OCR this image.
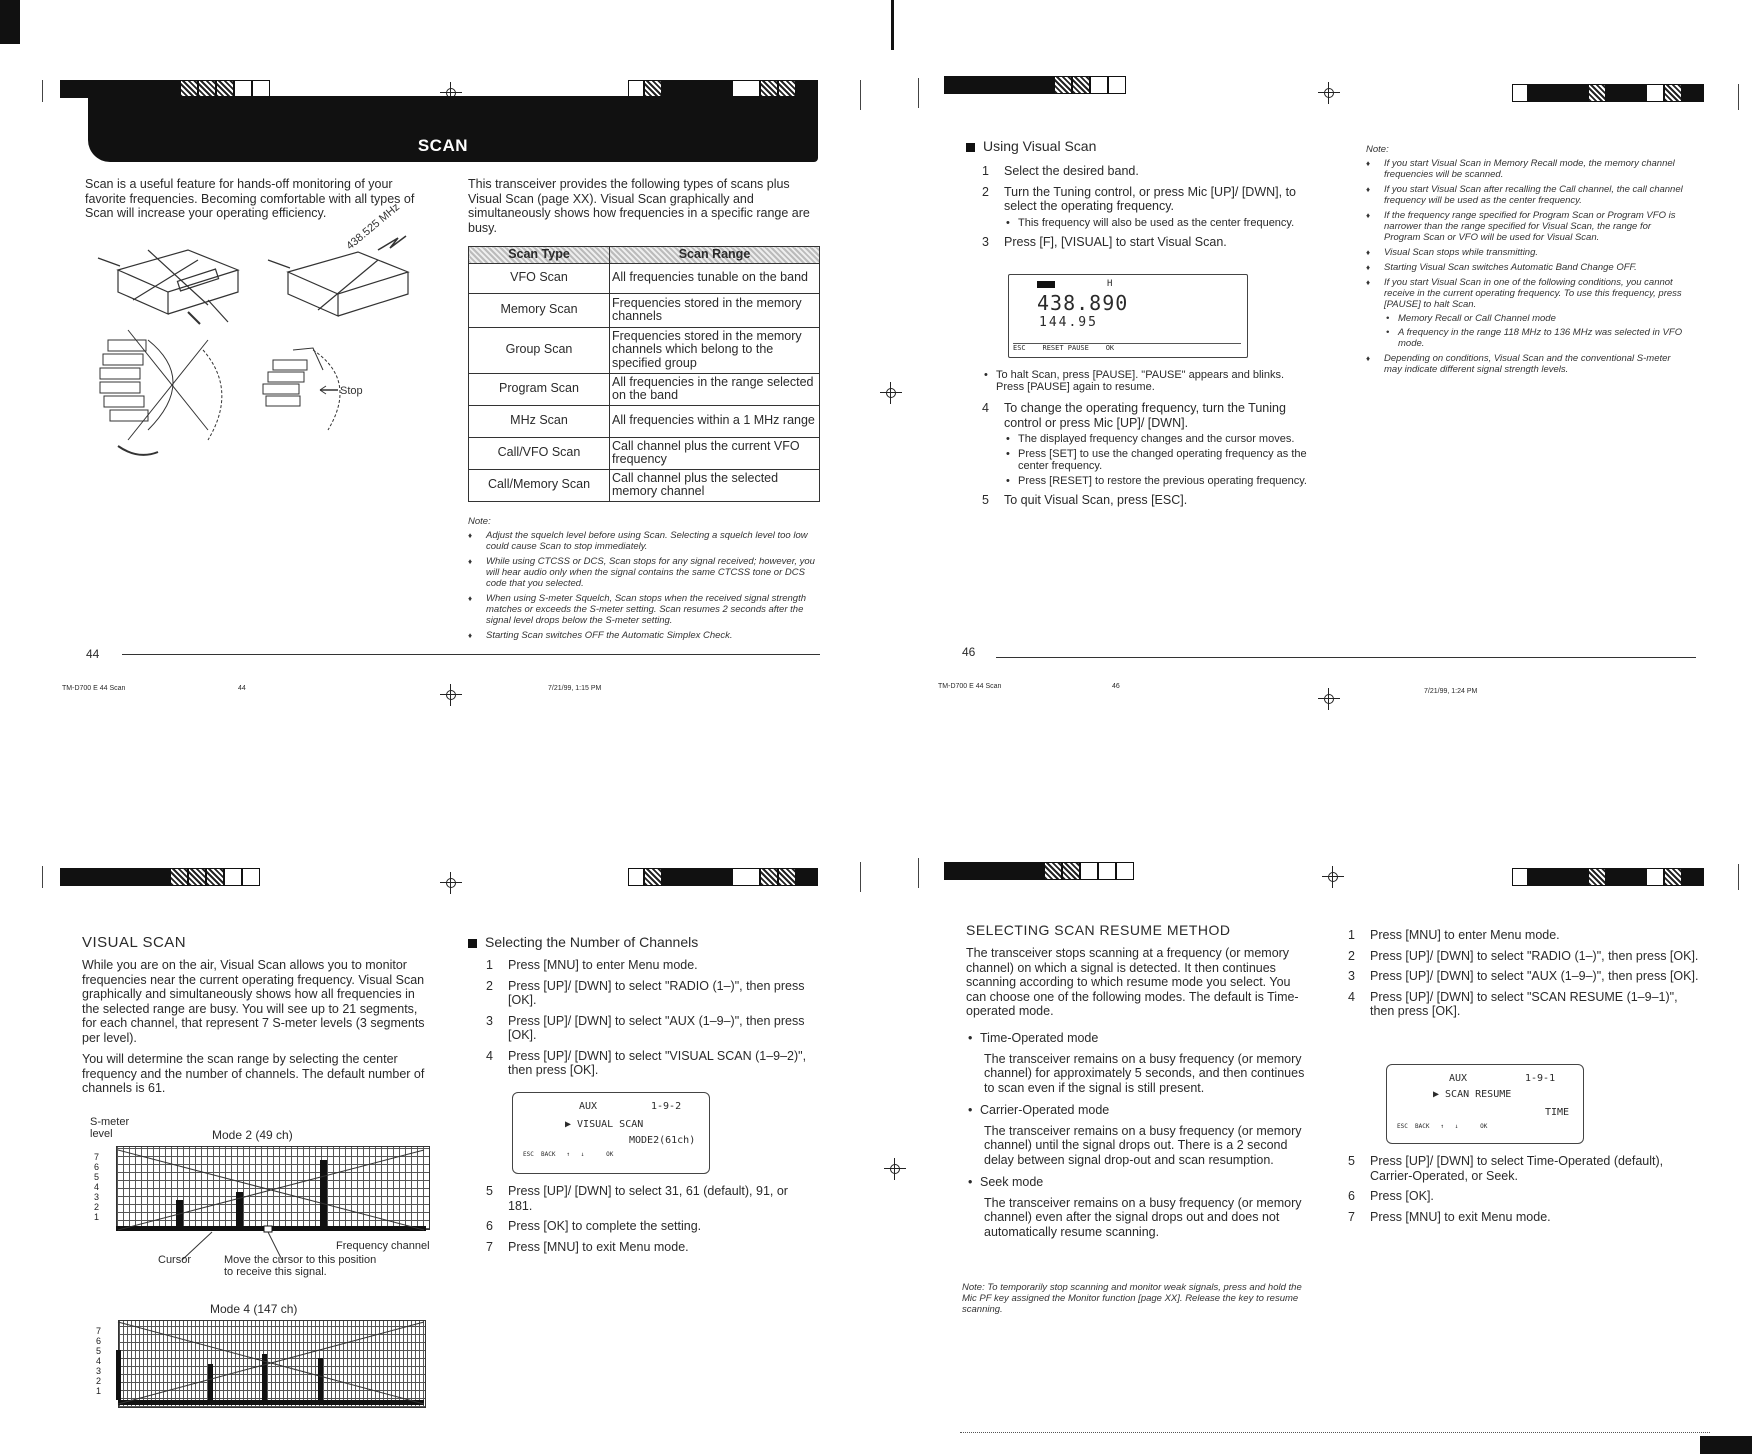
SCAN
Scan is a useful feature for hands-off monitoring of your favorite frequencies. Becoming comfortable with all types of Scan will increase your operating efficiency.
This transceiver provides the following types of scans plus Visual Scan (page XX). Visual Scan graphically and simultaneously shows how frequencies in a specific range are busy.
438.525 MHz
Stop
Scan Type	Scan Range
VFO Scan	All frequencies tunable on the band
Memory Scan	Frequencies stored in the memory channels
Group Scan	Frequencies stored in the memory channels which belong to the specified group
Program Scan	All frequencies in the range selected on the band
MHz Scan	All frequencies within a 1 MHz range
Call/VFO Scan	Call channel plus the current VFO frequency
Call/Memory Scan	Call channel plus the selected memory channel
Note:
♦ Adjust the squelch level before using Scan. Selecting a squelch level too low could cause Scan to stop immediately.
♦ While using CTCSS or DCS, Scan stops for any signal received; however, you will hear audio only when the signal contains the same CTCSS tone or DCS code that you selected.
♦ When using S-meter Squelch, Scan stops when the received signal strength matches or exceeds the S-meter setting. Scan resumes 2 seconds after the signal level drops below the S-meter setting.
♦ Starting Scan switches OFF the Automatic Simplex Check.
44
TM-D700 E 44 Scan	44	7/21/99, 1:15 PM
Using Visual Scan
1 Select the desired band.
2 Turn the Tuning control, or press Mic [UP]/ [DWN], to select the operating frequency.
• This frequency will also be used as the center frequency.
3 Press [F], [VISUAL] to start Visual Scan.
438.890
H
144.95
ESC    RESET PAUSE    OK
• To halt Scan, press [PAUSE]. "PAUSE" appears and blinks. Press [PAUSE] again to resume.
4 To change the operating frequency, turn the Tuning control or press Mic [UP]/ [DWN].
• The displayed frequency changes and the cursor moves.
• Press [SET] to use the changed operating frequency as the center frequency.
• Press [RESET] to restore the previous operating frequency.
5 To quit Visual Scan, press [ESC].
Note:
♦ If you start Visual Scan in Memory Recall mode, the memory channel frequencies will be scanned.
♦ If you start Visual Scan after recalling the Call channel, the call channel frequency will be used as the center frequency.
♦ If the frequency range specified for Program Scan or Program VFO is narrower than the range specified for Visual Scan, the range for Program Scan or VFO will be used for Visual Scan.
♦ Visual Scan stops while transmitting.
♦ Starting Visual Scan switches Automatic Band Change OFF.
♦ If you start Visual Scan in one of the following conditions, you cannot receive in the current operating frequency. To use this frequency, press [PAUSE] to halt Scan.
• Memory Recall or Call Channel mode
• A frequency in the range 118 MHz to 136 MHz was selected in VFO mode.
♦ Depending on conditions, Visual Scan and the conventional S-meter may indicate different signal strength levels.
46
TM-D700 E 44 Scan	46
7/21/99, 1:24 PM
VISUAL SCAN
While you are on the air, Visual Scan allows you to monitor frequencies near the current operating frequency. Visual Scan graphically and simultaneously shows how all frequencies in the selected range are busy. You will see up to 21 segments, for each channel, that represent 7 S-meter levels (3 segments per level).
You will determine the scan range by selecting the center frequency and the number of channels. The default number of channels is 61.
S-meter level	Mode 2 (49 ch)
7
6
5
4
3
2
1
Frequency channel
Cursor	Move the cursor to this position to receive this signal.
Mode 4 (147 ch)
7
6
5
4
3
2
1
Selecting the Number of Channels
1 Press [MNU] to enter Menu mode.
2 Press [UP]/ [DWN] to select "RADIO (1–)", then press [OK].
3 Press [UP]/ [DWN] to select "AUX (1–9–)", then press [OK].
4 Press [UP]/ [DWN] to select "VISUAL SCAN (1–9–2)", then press [OK].
AUX	1-9-2
▶ VISUAL SCAN
MODE2(61ch)
ESC  BACK   ↑   ↓      OK
5 Press [UP]/ [DWN] to select 31, 61 (default), 91, or 181.
6 Press [OK] to complete the setting.
7 Press [MNU] to exit Menu mode.
SELECTING SCAN RESUME METHOD
The transceiver stops scanning at a frequency (or memory channel) on which a signal is detected. It then continues scanning according to which resume mode you select. You can choose one of the following modes. The default is Time-operated mode.
• Time-Operated mode
The transceiver remains on a busy frequency (or memory channel) for approximately 5 seconds, and then continues to scan even if the signal is still present.
• Carrier-Operated mode
The transceiver remains on a busy frequency (or memory channel) until the signal drops out. There is a 2 second delay between signal drop-out and scan resumption.
• Seek mode
The transceiver remains on a busy frequency (or memory channel) even after the signal drops out and does not automatically resume scanning.
Note: To temporarily stop scanning and monitor weak signals, press and hold the Mic PF key assigned the Monitor function [page XX]. Release the key to resume scanning.
1 Press [MNU] to enter Menu mode.
2 Press [UP]/ [DWN] to select "RADIO (1–)", then press [OK].
3 Press [UP]/ [DWN] to select "AUX (1–9–)", then press [OK].
4 Press [UP]/ [DWN] to select "SCAN RESUME (1–9–1)", then press [OK].
AUX	1-9-1
▶ SCAN RESUME
TIME
ESC  BACK   ↑   ↓      OK
5 Press [UP]/ [DWN] to select Time-Operated (default), Carrier-Operated, or Seek.
6 Press [OK].
7 Press [MNU] to exit Menu mode.
